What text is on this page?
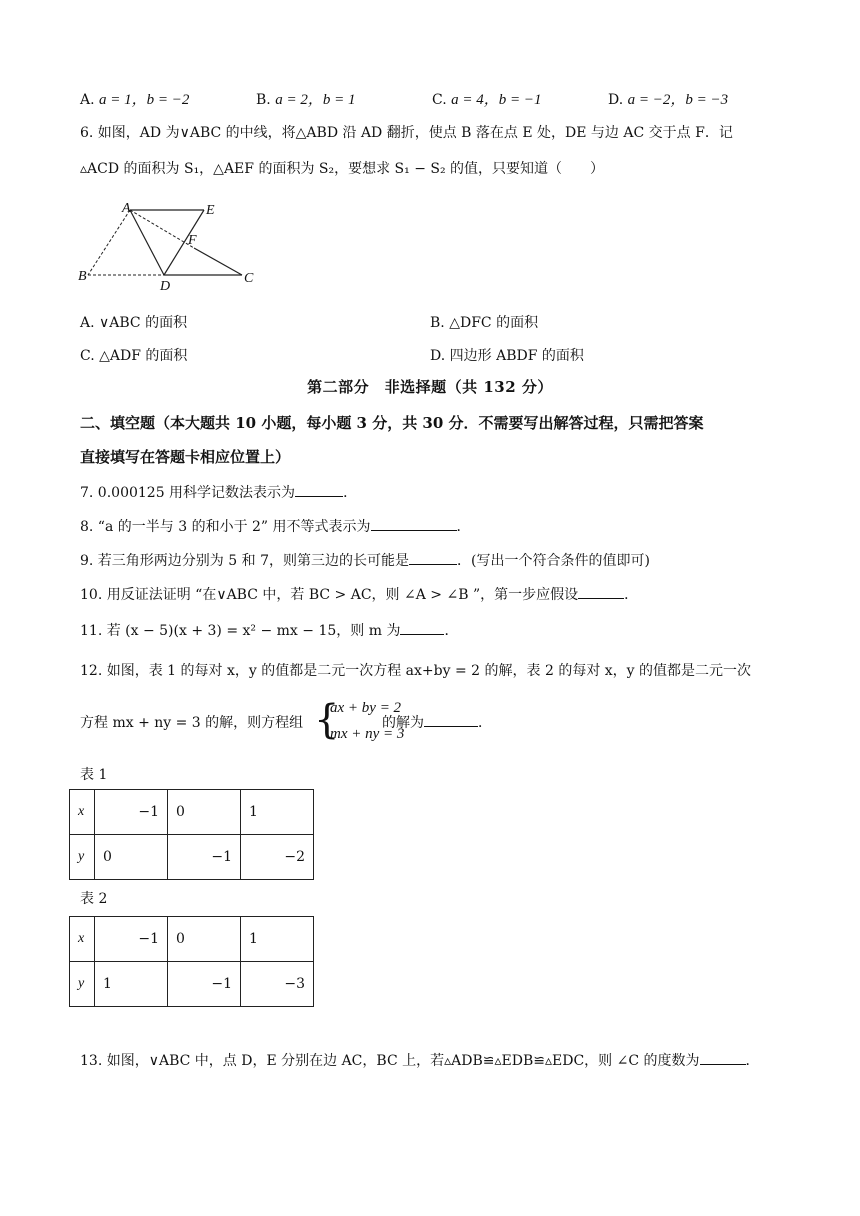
A. a = 1，b = −2	B. a = 2，b = 1	C. a = 4，b = −1	D. a = −2，b = −3
6. 如图，AD 为∨ABC 的中线，将△ABD 沿 AD 翻折，使点 B 落在点 E 处，DE 与边 AC 交于点 F．记
▵ACD 的面积为 S₁，△AEF 的面积为 S₂，要想求 S₁ − S₂ 的值，只要知道（　　）
A	E
F
B
D
C
A. ∨ABC 的面积	B. △DFC 的面积
C. △ADF 的面积	D. 四边形 ABDF 的面积
第二部分　非选择题（共 132 分）
二、填空题（本大题共 10 小题，每小题 3 分，共 30 分．不需要写出解答过程，只需把答案
直接填写在答题卡相应位置上）
7. 0.000125 用科学记数法表示为	．
8. “a 的一半与 3 的和小于 2” 用不等式表示为	．
9. 若三角形两边分别为 5 和 7，则第三边的长可能是	．(写出一个符合条件的值即可)
10. 用反证法证明 “在∨ABC 中，若 BC > AC，则 ∠A > ∠B ”，第一步应假设	．
11. 若 (x − 5)(x + 3) = x² − mx − 15，则 m 为	．
12. 如图，表 1 的每对 x，y 的值都是二元一次方程 ax+by = 2 的解，表 2 的每对 x，y 的值都是二元一次
方程 mx + ny = 3 的解，则方程组 {
ax + by = 2
mx + ny = 3
的解为	．
表 1
x	−1	0	1
y	0	−1	−2
表 2
x	−1	0	1
y	1	−1	−3
13. 如图，∨ABC 中，点 D，E 分别在边 AC，BC 上，若▵ADB≌▵EDB≌▵EDC，则 ∠C 的度数为	．
